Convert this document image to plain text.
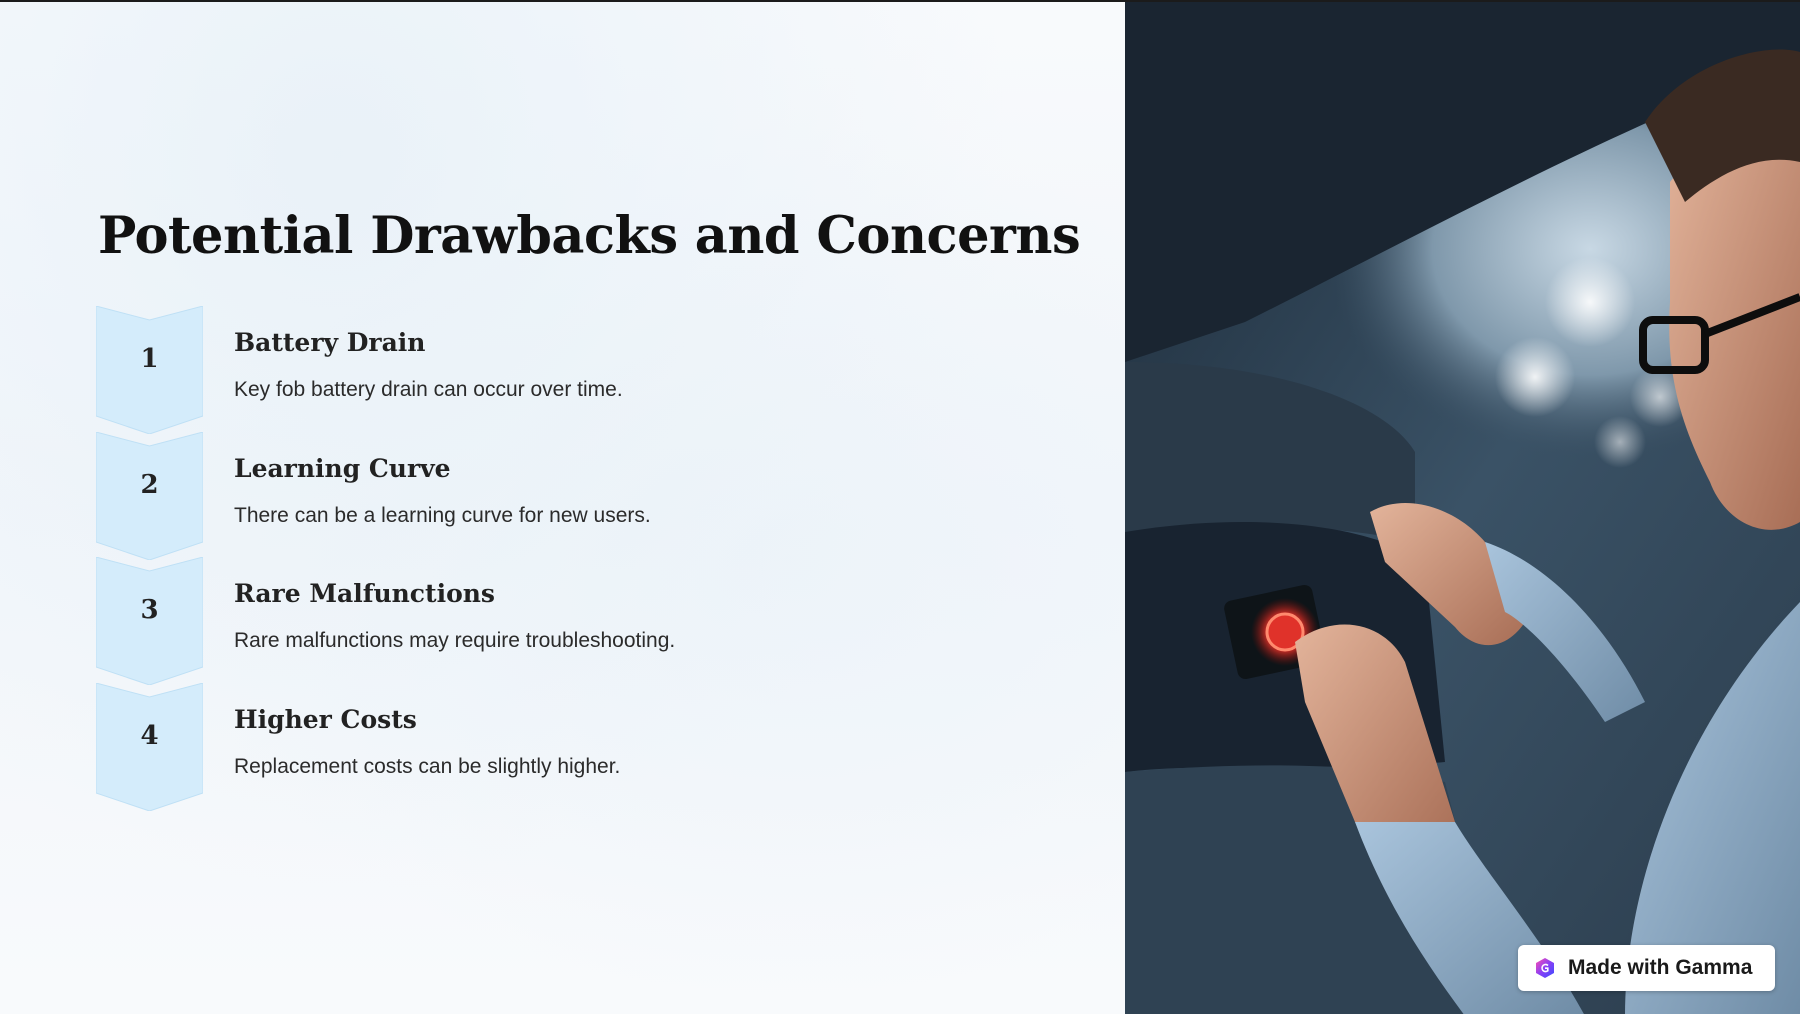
Potential Drawbacks and Concerns
1
Battery Drain
Key fob battery drain can occur over time.
2
Learning Curve
There can be a learning curve for new users.
3
Rare Malfunctions
Rare malfunctions may require troubleshooting.
4
Higher Costs
Replacement costs can be slightly higher.
Made with Gamma
